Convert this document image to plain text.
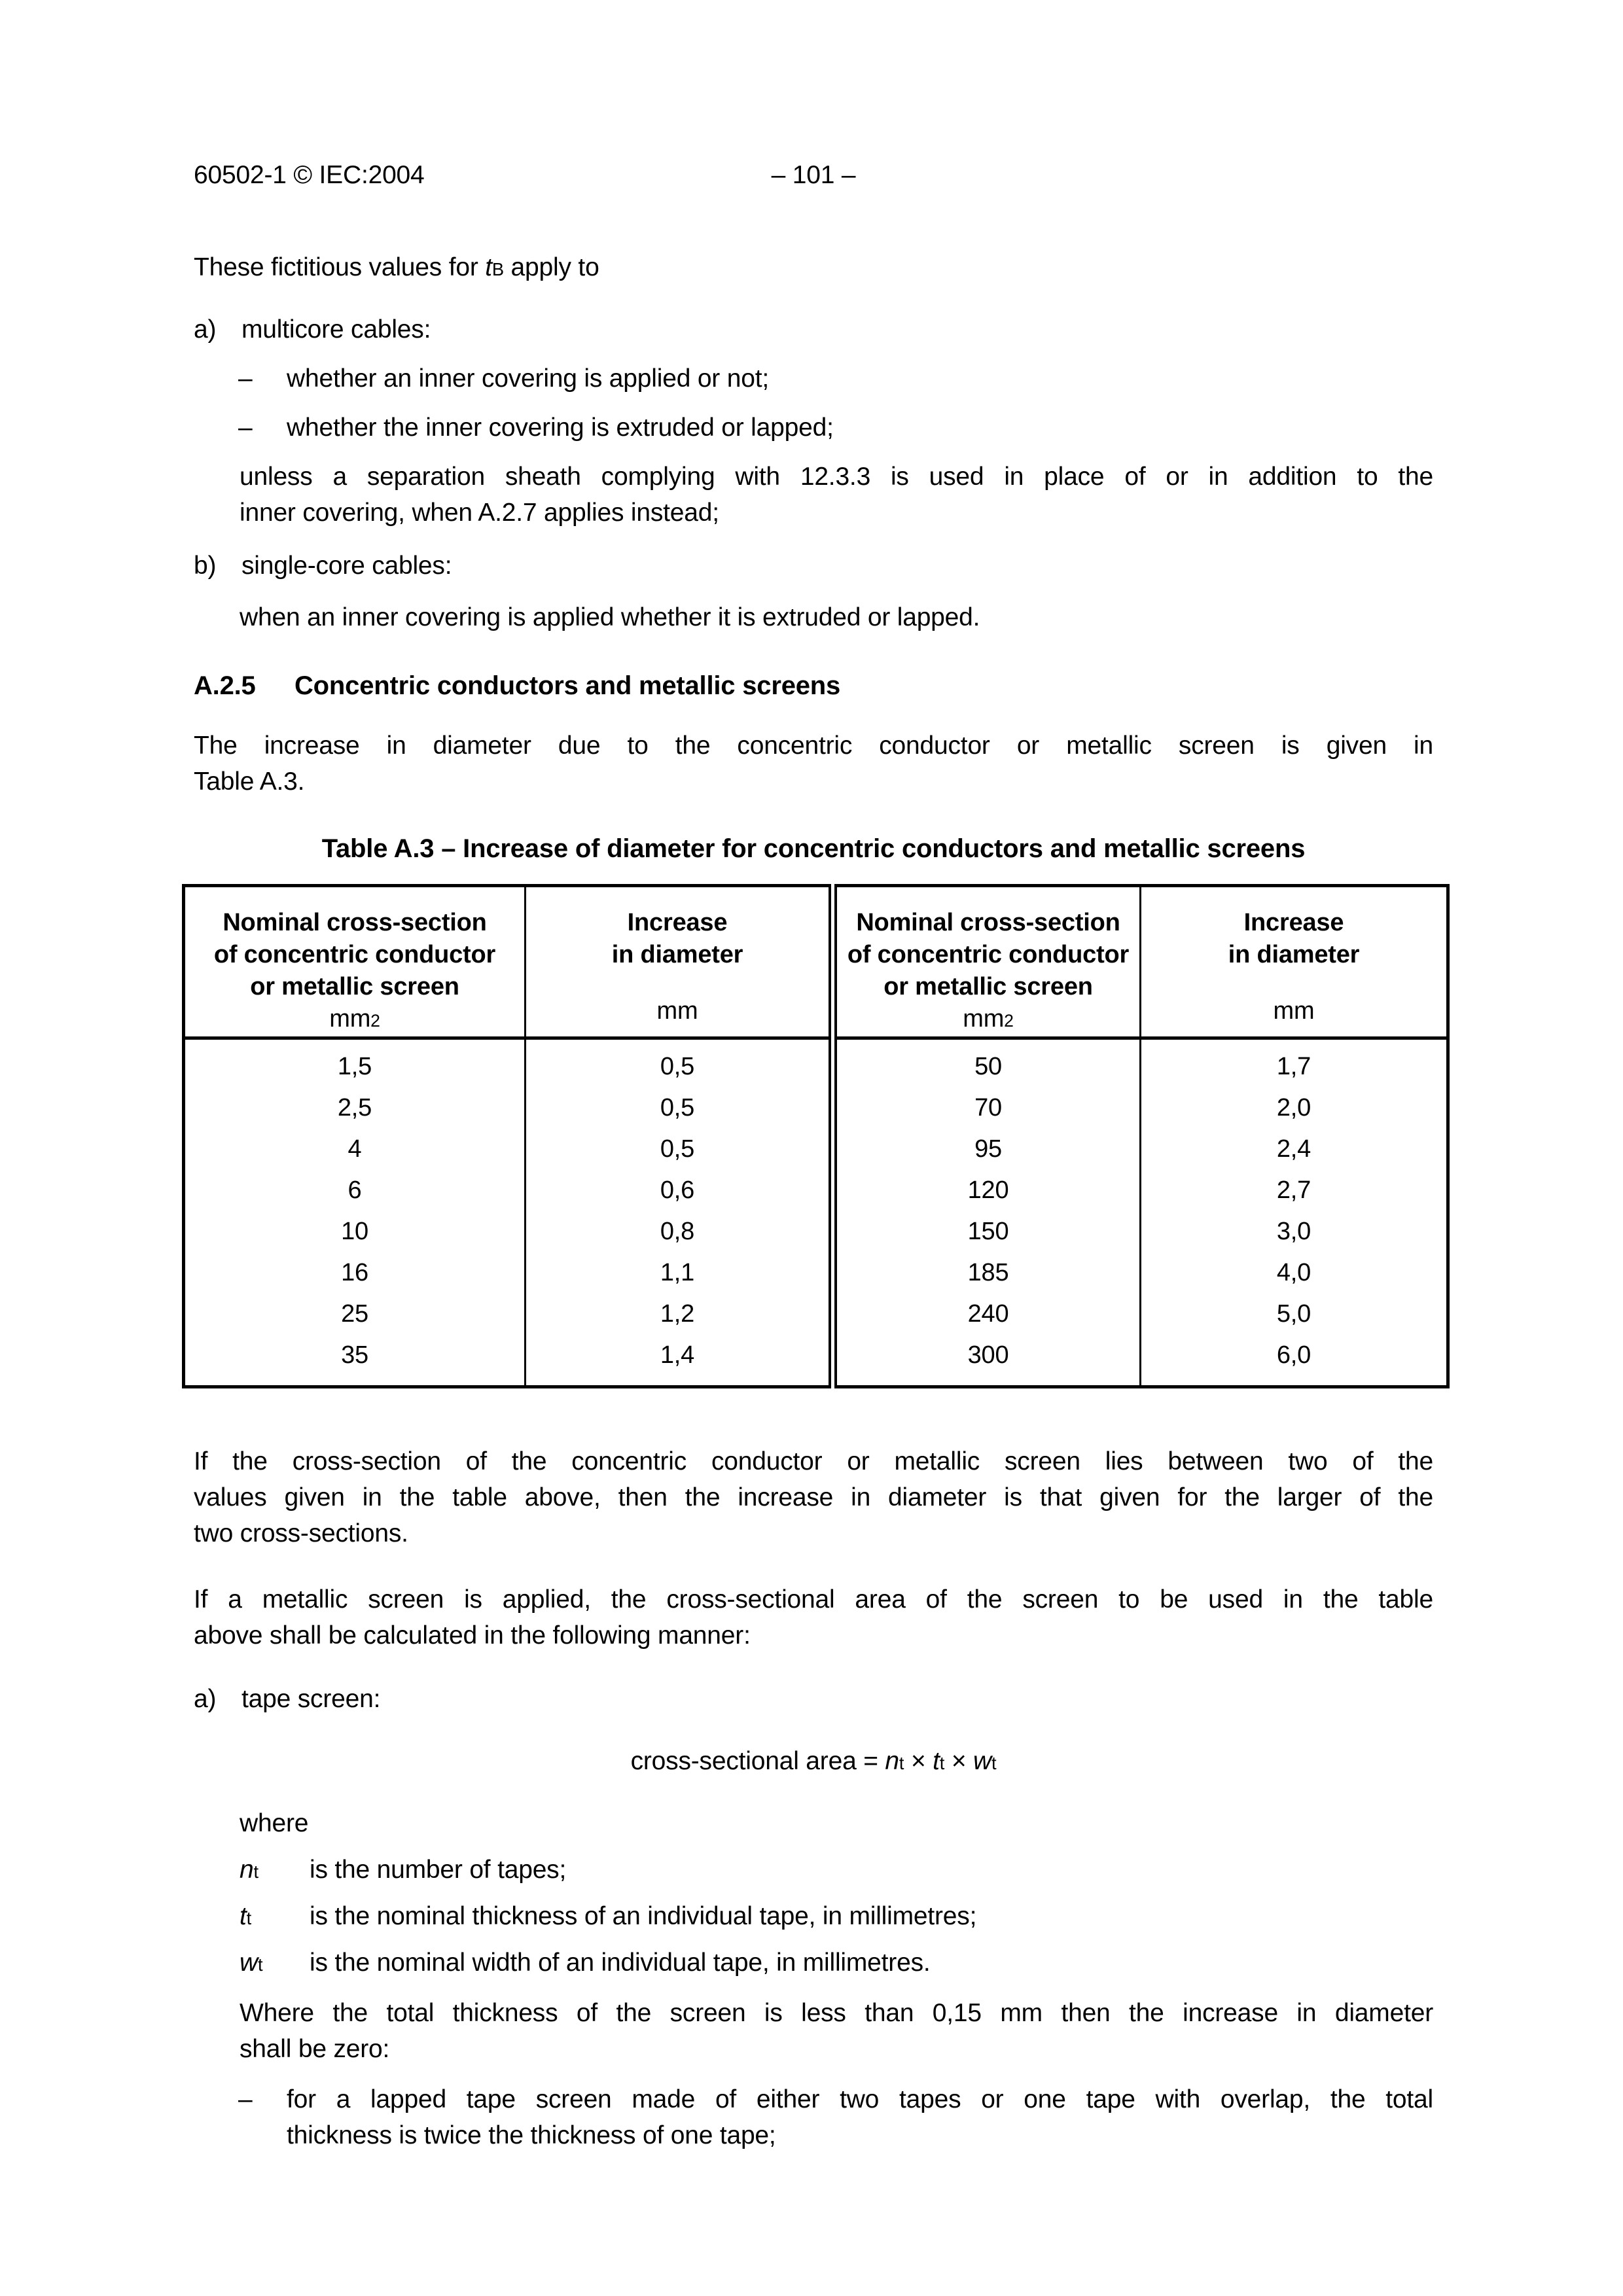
60502-1 © IEC:2004	– 101 –

These fictitious values for $t_B$ apply to

a) multicore cables:
–	whether an inner covering is applied or not;
–	whether the inner covering is extruded or lapped;
unless a separation sheath complying with 12.3.3 is used in place of or in addition to the
inner covering, when A.2.7 applies instead;
b) single-core cables:
when an inner covering is applied whether it is extruded or lapped.
A.2.5	Concentric conductors and metallic screens
The increase in diameter due to the concentric conductor or metallic screen is given in
Table A.3.
Table A.3 – Increase of diameter for concentric conductors and metallic screens
Nominal cross-section
of concentric conductor
or metallic screen
$mm^2$

Increase
in diameter
mm

Nominal cross-section
of concentric conductor
or metallic screen
$mm^2$

Increase
in diameter
mm

1,5	0,5	50	1,7
2,5	0,5	70	2,0
4	0,5	95	2,4
6	0,6	120	2,7
10	0,8	150	3,0
16	1,1	185	4,0
25	1,2	240	5,0
35	1,4	300	6,0
If the cross-section of the concentric conductor or metallic screen lies between two of the
values given in the table above, then the increase in diameter is that given for the larger of the
two cross-sections.
If a metallic screen is applied, the cross-sectional area of the screen to be used in the table
above shall be calculated in the following manner:
a) tape screen:
cross-sectional area = $n_t \times t_t \times w_t$
where
$n_t$	is the number of tapes;
$t_t$	is the nominal thickness of an individual tape, in millimetres;
$w_t$	is the nominal width of an individual tape, in millimetres.
Where the total thickness of the screen is less than 0,15 mm then the increase in diameter
shall be zero:
–	for a lapped tape screen made of either two tapes or one tape with overlap, the total
thickness is twice the thickness of one tape;
